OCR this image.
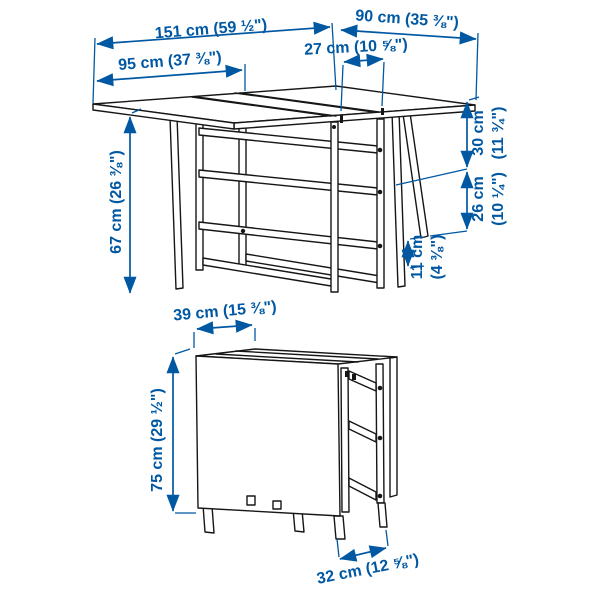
151 cm (59 ½")	90 cm (35 ⅜")
95 cm (37 ⅜")
27 cm (10 ⅝")
30 cm (11 ¾")
26 cm (10 ¼")
11 cm (4 ⅜")
67 cm (26 ⅜")
39 cm (15 ⅜")
75 cm (29 ½")
32 cm (12 ⅝")
